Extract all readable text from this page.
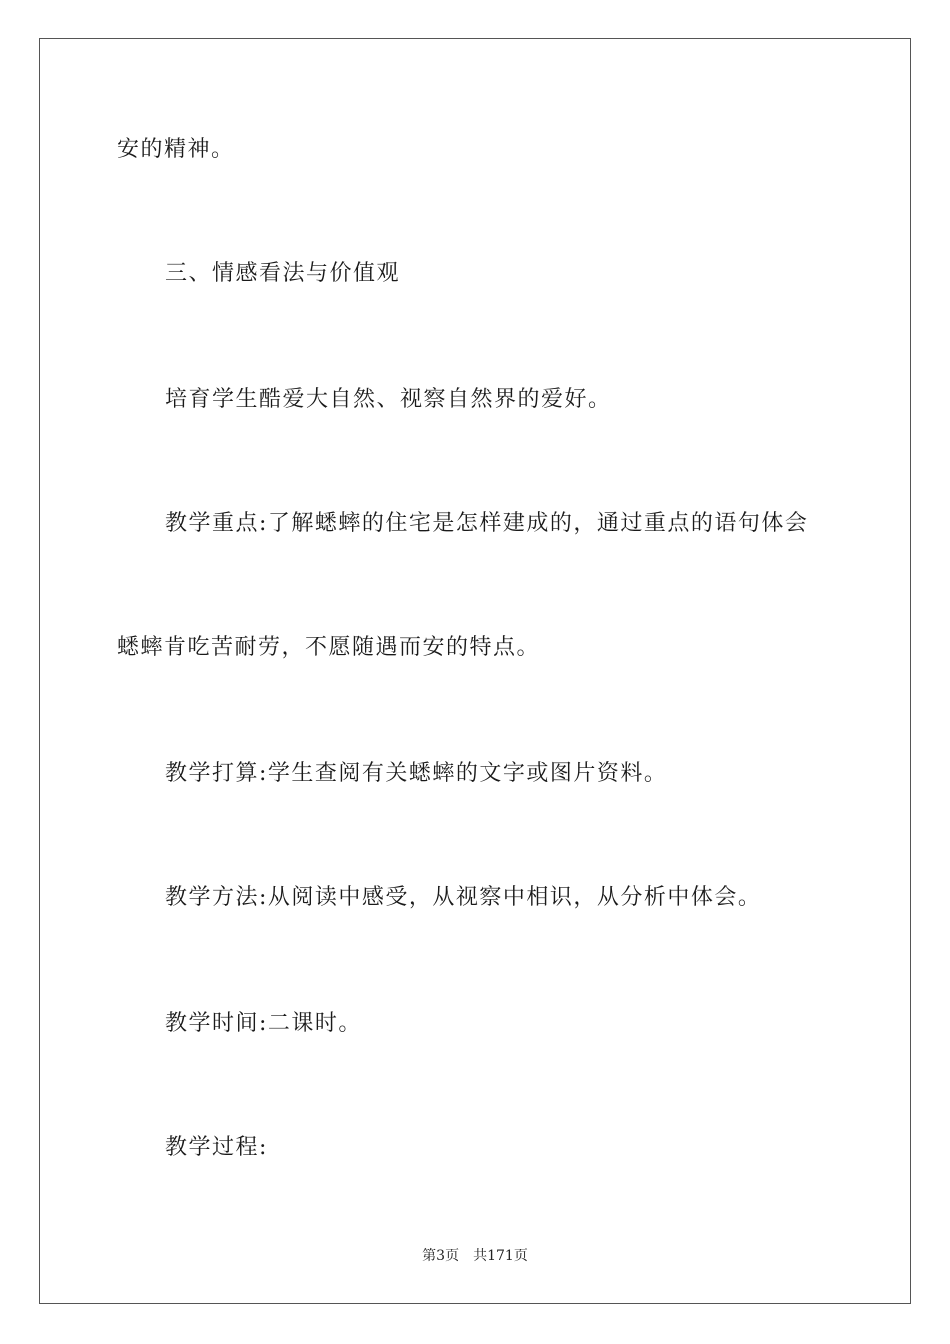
安的精神。
三、情感看法与价值观
培育学生酷爱大自然、视察自然界的爱好。
教学重点:了解蟋蟀的住宅是怎样建成的，通过重点的语句体会
蟋蟀肯吃苦耐劳，不愿随遇而安的特点。
教学打算:学生查阅有关蟋蟀的文字或图片资料。
教学方法:从阅读中感受，从视察中相识，从分析中体会。
教学时间:二课时。
教学过程:
第3页 共171页
